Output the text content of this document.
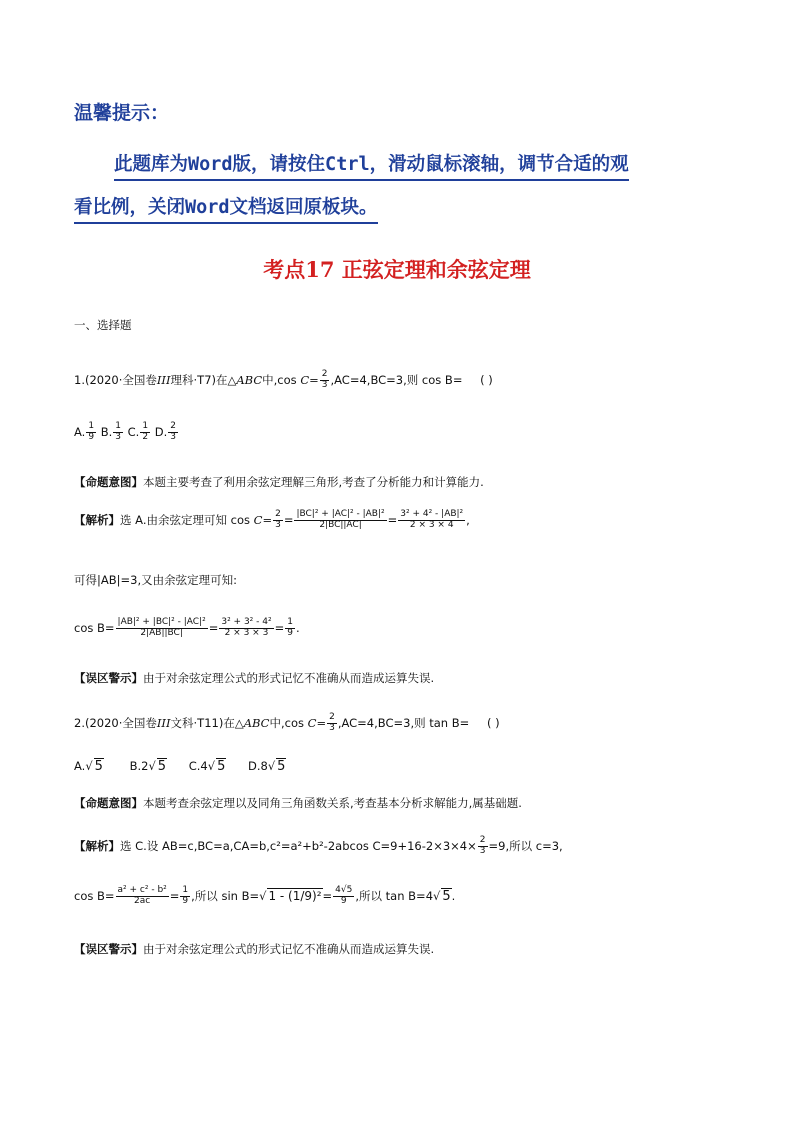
温馨提示：
此题库为Word版，请按住Ctrl，滑动鼠标滚轴，调节合适的观
看比例，关闭Word文档返回原板块。
考点17 正弦定理和余弦定理
一、选择题
1.(2020·全国卷III理科·T7)在△ABC中,cos $C= \frac{2}{3} ,AC=4,BC=3$,则 cos B= ( )
A. $\frac{1}{9} B$. $\frac{1}{3} C$. $\frac{1}{2} D$. $\frac{2}{3}$
【命题意图】本题主要考查了利用余弦定理解三角形,考查了分析能力和计算能力.
【解析】选 A.由余弦定理可知 $\cos C= \frac{2}{3} = \frac{\text{|BC|² + |AC|² - |AB|²}}{2|BC||AC|} = \frac{\text{3² + 4² - |AB|²}}{2 \times 3 \times 4}$ ,
可得|AB|=3,又由余弦定理可知:
$\cos B= \frac{\text{|AB|² + |BC|² - |AC|²}}{2|AB||BC|} = \frac{\text{3² + 3² - 4²}}{2 \times 3 \times 3} = \frac{1}{9}$ .
【误区警示】由于对余弦定理公式的形式记忆不准确从而造成运算失误.
2.(2020·全国卷III文科·T11)在△ABC中,cos $C= \frac{2}{3} ,AC=4,BC=3$,则 tan B= ( )
A.√ 5 B.2√ 5 C.4√ 5 D.8√ 5
【命题意图】本题考查余弦定理以及同角三角函数关系,考查基本分析求解能力,属基础题.
【解析】选 C.设 AB=c,BC=a,CA=b,c²=a²+b²-2abcos $C=9+16-2\times 3\times 4\times \frac{2}{3} =9$,所以 c=3,
$\cos B= \frac{\text{a² + c² - b²}}{2ac} = \frac{1}{9}$ ,所以 sin B=√ $1 - (1/9)^2= \frac{4√5}{9}$ ,所以 tan B=4√ 5.
【误区警示】由于对余弦定理公式的形式记忆不准确从而造成运算失误.
